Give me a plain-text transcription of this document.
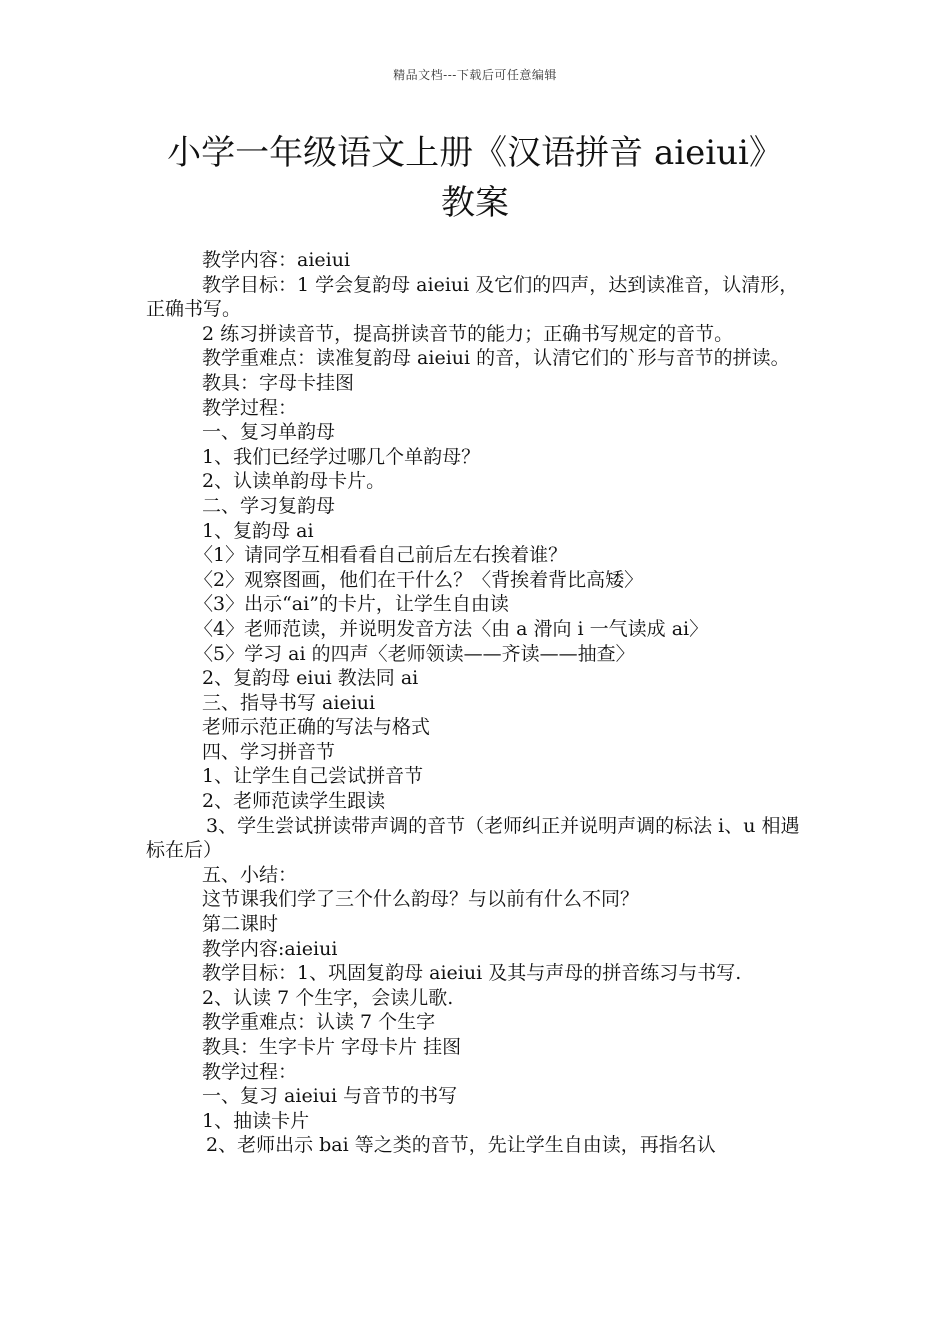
精品文档---下载后可任意编辑
小学一年级语文上册《汉语拼音 aieiui》
教案

教学内容：aieiui

教学目标：1 学会复韵母 aieiui 及它们的四声，达到读准音，认清形，正确书写。

2 练习拼读音节，提高拼读音节的能力；正确书写规定的音节。

教学重难点：读准复韵母 aieiui 的音，认清它们的`形与音节的拼读。

教具：字母卡挂图

教学过程：

一、复习单韵母

1、我们已经学过哪几个单韵母？

2、认读单韵母卡片。

二、学习复韵母

1、复韵母 ai

〈1〉请同学互相看看自己前后左右挨着谁？

〈2〉观察图画，他们在干什么？〈背挨着背比高矮〉

〈3〉出示“ai”的卡片，让学生自由读

〈4〉老师范读，并说明发音方法〈由 a 滑向 i 一气读成 ai〉

〈5〉学习 ai 的四声〈老师领读——齐读——抽查〉

2、复韵母 eiui 教法同 ai

三、指导书写 aieiui

老师示范正确的写法与格式

四、学习拼音节

1、让学生自己尝试拼音节

2、老师范读学生跟读

3、学生尝试拼读带声调的音节（老师纠正并说明声调的标法 i、u 相遇标在后）

五、小结：

这节课我们学了三个什么韵母？与以前有什么不同？

第二课时

教学内容:aieiui

教学目标：1、巩固复韵母 aieiui 及其与声母的拼音练习与书写.

2、认读 7 个生字，会读儿歌.

教学重难点：认读 7 个生字

教具：生字卡片 字母卡片 挂图

教学过程：

一、复习 aieiui 与音节的书写

1、抽读卡片

2、老师出示 bai 等之类的音节，先让学生自由读，再指名认
